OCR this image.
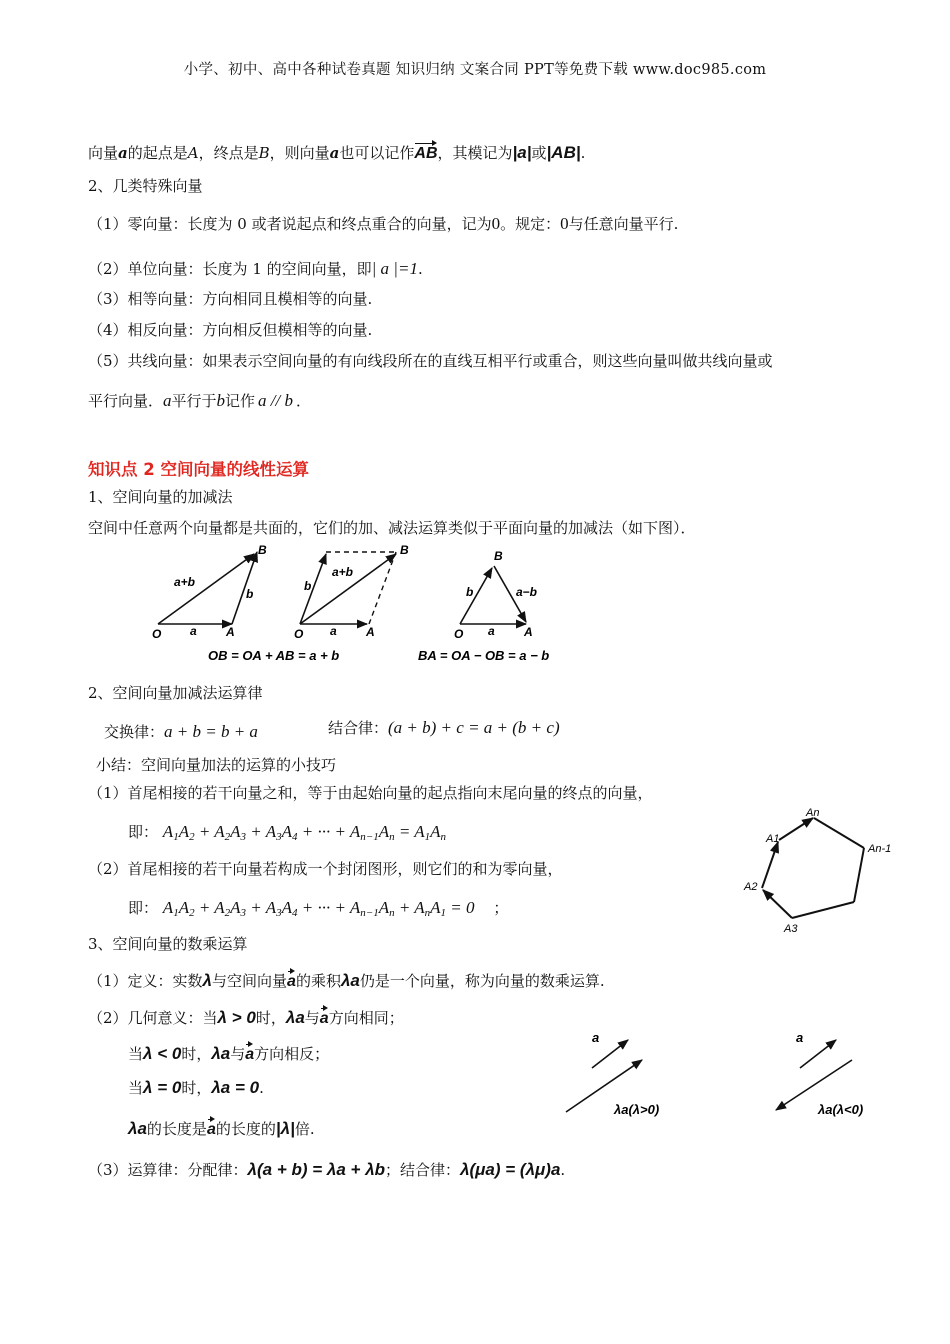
小学、初中、高中各种试卷真题 知识归纳 文案合同 PPT等免费下载 www.doc985.com
向量a的起点是A，终点是B，则向量a也可以记作AB，其模记为|a|或|AB|.
2、几类特殊向量
（1）零向量：长度为 0 或者说起点和终点重合的向量，记为0。规定：0与任意向量平行.
（2）单位向量：长度为 1 的空间向量，即| a |=1.
（3）相等向量：方向相同且模相等的向量.
（4）相反向量：方向相反但模相等的向量.
（5）共线向量：如果表示空间向量的有向线段所在的直线互相平行或重合，则这些向量叫做共线向量或
平行向量．a平行于b记作 a // b ．
知识点 2 空间向量的线性运算
1、空间向量的加减法
空间中任意两个向量都是共面的，它们的加、减法运算类似于平面向量的加减法（如下图）．
B
O	A
a+b
a
b
B
O	A
a+b
a
b
B
O	A
a−b
a
b
OB = OA + AB = a + b	BA = OA − OB = a − b
2、空间向量加减法运算律
交换律：a + b = b + a	结合律：(a + b) + c = a + (b + c)
小结：空间向量加法的运算的小技巧
（1）首尾相接的若干向量之和，等于由起始向量的起点指向末尾向量的终点的向量，
即： $A_1A_2 + A_2A_3 + A_3A_4$ + ··· + $A_{n-1}A_n = A_1A_n$
（2）首尾相接的若干向量若构成一个封闭图形，则它们的和为零向量，
即： $A_1A_2 + A_2A_3 + A_3A_4$ + ··· + $A_{n-1}A_n + A_nA_1 = 0$ ；
An
A1
An-1
A2
A3
3、空间向量的数乘运算
（1）定义：实数λ与空间向量a的乘积λa仍是一个向量，称为向量的数乘运算.
（2）几何意义：当λ > 0时，λa与a方向相同；
当λ < 0时，λa与a方向相反；
当λ = 0时，λa = 0.
λa的长度是a的长度的|λ|倍.
a
λa(λ>0)
a
λa(λ<0)
（3）运算律：分配律：λ(a + b) = λa + λb；结合律：λ(μa) = (λμ)a.
